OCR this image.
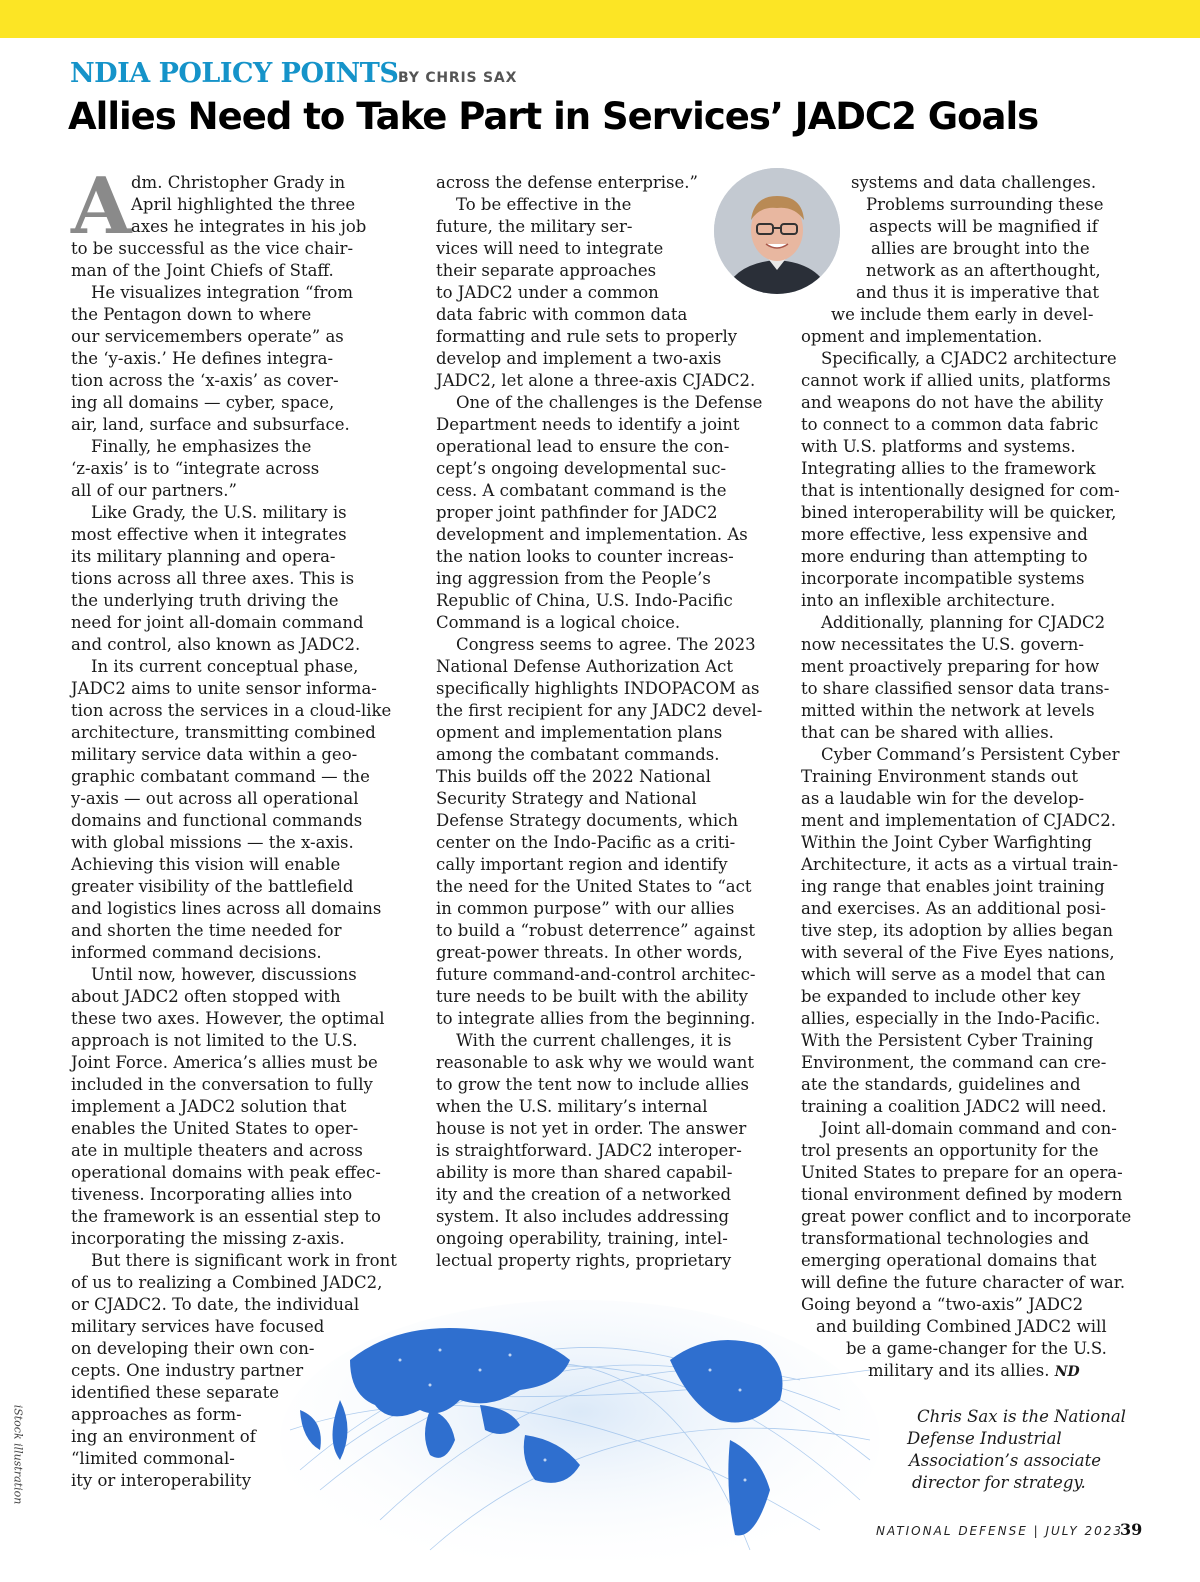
NDIA POLICY POINTS BY CHRIS SAX
Allies Need to Take Part in Services’ JADC2 Goals
A dm. Christopher Grady in
April highlighted the three
axes he integrates in his job
to be successful as the vice chair-
man of the Joint Chiefs of Staff.
He visualizes integration “from
the Pentagon down to where
our servicemembers operate” as
the ‘y-axis.’ He defines integra-
tion across the ‘x-axis’ as cover-
ing all domains — cyber, space,
air, land, surface and subsurface.
Finally, he emphasizes the
‘z-axis’ is to “integrate across
all of our partners.”
Like Grady, the U.S. military is
most effective when it integrates
its military planning and opera-
tions across all three axes. This is
the underlying truth driving the
need for joint all-domain command
and control, also known as JADC2.
In its current conceptual phase,
JADC2 aims to unite sensor informa-
tion across the services in a cloud-like
architecture, transmitting combined
military service data within a geo-
graphic combatant command — the
y-axis — out across all operational
domains and functional commands
with global missions — the x-axis.
Achieving this vision will enable
greater visibility of the battlefield
and logistics lines across all domains
and shorten the time needed for
informed command decisions.
Until now, however, discussions
about JADC2 often stopped with
these two axes. However, the optimal
approach is not limited to the U.S.
Joint Force. America’s allies must be
included in the conversation to fully
implement a JADC2 solution that
enables the United States to oper-
ate in multiple theaters and across
operational domains with peak effec-
tiveness. Incorporating allies into
the framework is an essential step to
incorporating the missing z-axis.
But there is significant work in front
of us to realizing a Combined JADC2,
or CJADC2. To date, the individual
military services have focused
on developing their own con-
cepts. One industry partner
identified these separate
approaches as form-
ing an environment of
“limited commonal-
ity or interoperability
across the defense enterprise.”
To be effective in the
future, the military ser-
vices will need to integrate
their separate approaches
to JADC2 under a common
data fabric with common data
formatting and rule sets to properly
develop and implement a two-axis
JADC2, let alone a three-axis CJADC2.
One of the challenges is the Defense
Department needs to identify a joint
operational lead to ensure the con-
cept’s ongoing developmental suc-
cess. A combatant command is the
proper joint pathfinder for JADC2
development and implementation. As
the nation looks to counter increas-
ing aggression from the People’s
Republic of China, U.S. Indo-Pacific
Command is a logical choice.
Congress seems to agree. The 2023
National Defense Authorization Act
specifically highlights INDOPACOM as
the first recipient for any JADC2 devel-
opment and implementation plans
among the combatant commands.
This builds off the 2022 National
Security Strategy and National
Defense Strategy documents, which
center on the Indo-Pacific as a criti-
cally important region and identify
the need for the United States to “act
in common purpose” with our allies
to build a “robust deterrence” against
great-power threats. In other words,
future command-and-control architec-
ture needs to be built with the ability
to integrate allies from the beginning.
With the current challenges, it is
reasonable to ask why we would want
to grow the tent now to include allies
when the U.S. military’s internal
house is not yet in order. The answer
is straightforward. JADC2 interoper-
ability is more than shared capabil-
ity and the creation of a networked
system. It also includes addressing
ongoing operability, training, intel-
lectual property rights, proprietary
systems and data challenges.
Problems surrounding these
aspects will be magnified if
allies are brought into the
network as an afterthought,
and thus it is imperative that
we include them early in devel-
opment and implementation.
Specifically, a CJADC2 architecture
cannot work if allied units, platforms
and weapons do not have the ability
to connect to a common data fabric
with U.S. platforms and systems.
Integrating allies to the framework
that is intentionally designed for com-
bined interoperability will be quicker,
more effective, less expensive and
more enduring than attempting to
incorporate incompatible systems
into an inflexible architecture.
Additionally, planning for CJADC2
now necessitates the U.S. govern-
ment proactively preparing for how
to share classified sensor data trans-
mitted within the network at levels
that can be shared with allies.
Cyber Command’s Persistent Cyber
Training Environment stands out
as a laudable win for the develop-
ment and implementation of CJADC2.
Within the Joint Cyber Warfighting
Architecture, it acts as a virtual train-
ing range that enables joint training
and exercises. As an additional posi-
tive step, its adoption by allies began
with several of the Five Eyes nations,
which will serve as a model that can
be expanded to include other key
allies, especially in the Indo-Pacific.
With the Persistent Cyber Training
Environment, the command can cre-
ate the standards, guidelines and
training a coalition JADC2 will need.
Joint all-domain command and con-
trol presents an opportunity for the
United States to prepare for an opera-
tional environment defined by modern
great power conflict and to incorporate
transformational technologies and
emerging operational domains that
will define the future character of war.
Going beyond a “two-axis” JADC2
and building Combined JADC2 will
be a game-changer for the U.S.
military and its allies. ND
Chris Sax is the National
Defense Industrial
Association’s associate
director for strategy.
iStock illustration
NATIONAL DEFENSE | JULY 2023
39
